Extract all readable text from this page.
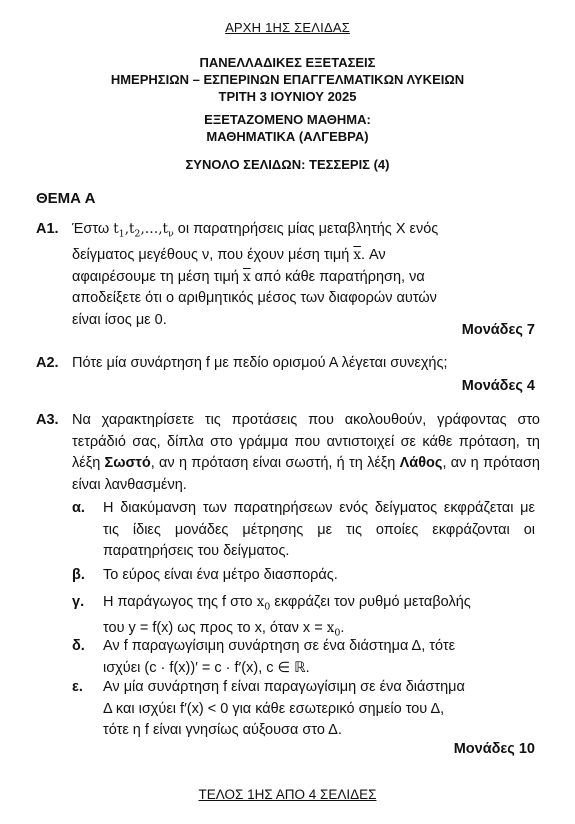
ΑΡΧΗ 1ΗΣ ΣΕΛΙΔΑΣ
ΠΑΝΕΛΛΑΔΙΚΕΣ ΕΞΕΤΑΣΕΙΣ
ΗΜΕΡΗΣΙΩΝ – ΕΣΠΕΡΙΝΩΝ ΕΠΑΓΓΕΛΜΑΤΙΚΩΝ ΛΥΚΕΙΩΝ
ΤΡΙΤΗ 3 ΙΟΥΝΙΟΥ 2025
ΕΞΕΤΑΖΟΜΕΝΟ ΜΑΘΗΜΑ:
ΜΑΘΗΜΑΤΙΚΑ (ΑΛΓΕΒΡΑ)
ΣΥΝΟΛΟ ΣΕΛΙΔΩΝ: ΤΕΣΣΕΡΙΣ (4)
ΘΕΜΑ Α
Α1. Έστω $t_1,t_2,\dots,t_\nu$ οι παρατηρήσεις μίας μεταβλητής Χ ενός
δείγματος μεγέθους ν, που έχουν μέση τιμή $\overline{x}$. Αν
αφαιρέσουμε τη μέση τιμή $\overline{x}$ από κάθε παρατήρηση, να
αποδείξετε ότι ο αριθμητικός μέσος των διαφορών αυτών
είναι ίσος με 0.
Μονάδες 7
Α2. Πότε μία συνάρτηση f με πεδίο ορισμού Α λέγεται συνεχής;
Μονάδες 4
Α3. Να χαρακτηρίσετε τις προτάσεις που ακολουθούν, γράφοντας στο τετράδιό σας, δίπλα στο γράμμα που αντιστοιχεί σε κάθε πρόταση, τη λέξη Σωστό, αν η πρόταση είναι σωστή, ή τη λέξη Λάθος, αν η πρόταση είναι λανθασμένη.
α. Η διακύμανση των παρατηρήσεων ενός δείγματος εκφράζεται με τις ίδιες μονάδες μέτρησης με τις οποίες εκφράζονται οι παρατηρήσεις του δείγματος.
β. Το εύρος είναι ένα μέτρο διασποράς.
γ. Η παράγωγος της f στο $x_0$ εκφράζει τον ρυθμό μεταβολής
του y = f(x) ως προς το x, όταν $x = x_0$.
δ. Αν f παραγωγίσιμη συνάρτηση σε ένα διάστημα Δ, τότε
ισχύει (c · f(x))′ = c · f′(x), c ∈ ℝ.
ε. Αν μία συνάρτηση f είναι παραγωγίσιμη σε ένα διάστημα
Δ και ισχύει f′(x) < 0 για κάθε εσωτερικό σημείο του Δ,
τότε η f είναι γνησίως αύξουσα στο Δ.
Μονάδες 10
ΤΕΛΟΣ 1ΗΣ ΑΠΟ 4 ΣΕΛΙΔΕΣ
